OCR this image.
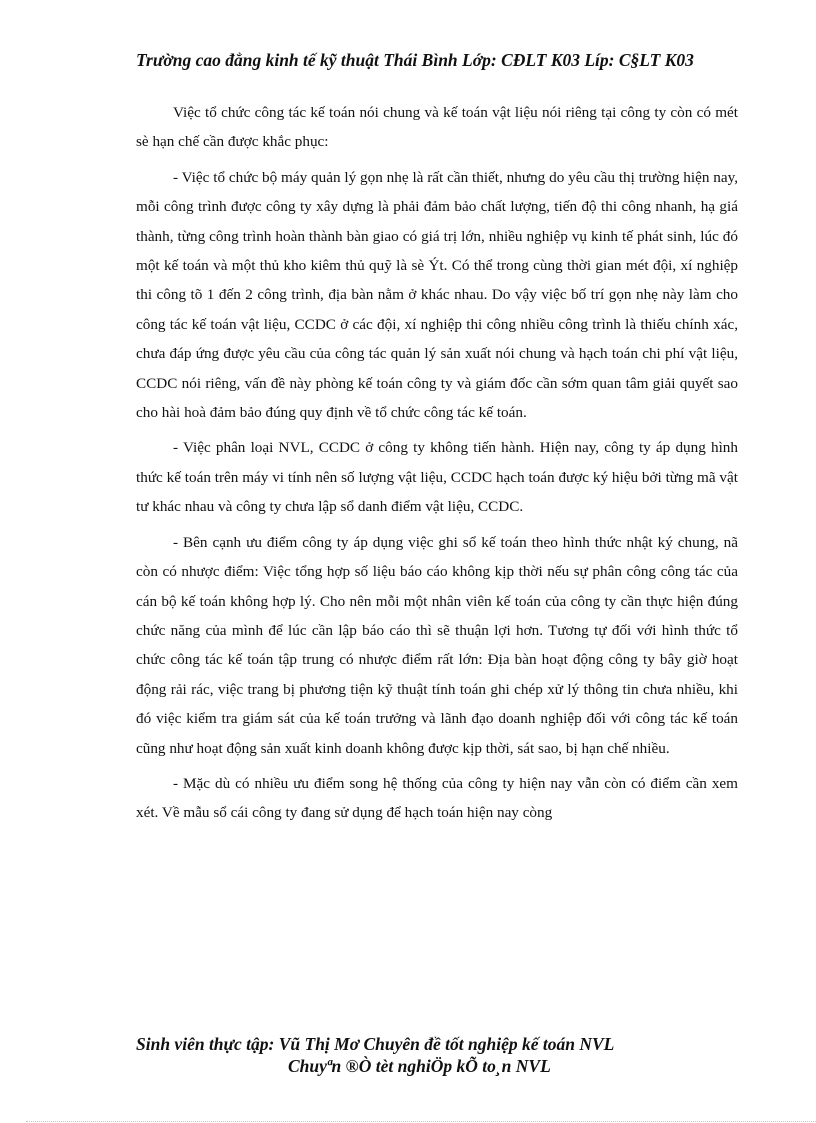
Trường cao đẳng kinh tế kỹ thuật Thái Bình Lớp: CĐLT K03 Líp: C§LT K03

Việc tổ chức công tác kế toán nói chung và kế toán vật liệu nói riêng tại công ty còn có mét sè hạn chế cần được khắc phục:

- Việc tổ chức bộ máy quản lý gọn nhẹ là rất cần thiết, nhưng do yêu cầu thị trường hiện nay, mỗi công trình được công ty xây dựng là phải đảm bảo chất lượng, tiến độ thi công nhanh, hạ giá thành, từng công trình hoàn thành bàn giao có giá trị lớn, nhiều nghiệp vụ kinh tế phát sinh, lúc đó một kế toán và một thủ kho kiêm thủ quỹ là sè Ýt. Có thể trong cùng thời gian mét đội, xí nghiệp thi công tõ 1 đến 2 công trình, địa bàn nằm ở khác nhau. Do vậy việc bố trí gọn nhẹ này làm cho công tác kế toán vật liệu, CCDC ở các đội, xí nghiệp thi công nhiều công trình là thiếu chính xác, chưa đáp ứng được yêu cầu của công tác quản lý sản xuất nói chung và hạch toán chi phí vật liệu, CCDC nói riêng, vấn đề này phòng kế toán công ty và giám đốc cần sớm quan tâm giải quyết sao cho hài hoà đảm bảo đúng quy định về tổ chức công tác kế toán.

- Việc phân loại NVL, CCDC ở công ty không tiến hành. Hiện nay, công ty áp dụng hình thức kế toán trên máy vi tính nên số lượng vật liệu, CCDC hạch toán được ký hiệu bởi từng mã vật tư khác nhau và công ty chưa lập sổ danh điểm vật liệu, CCDC.

- Bên cạnh ưu điểm công ty áp dụng việc ghi sổ kế toán theo hình thức nhật ký chung, nã còn có nhược điểm: Việc tổng hợp số liệu báo cáo không kịp thời nếu sự phân công công tác của cán bộ kế toán không hợp lý. Cho nên mỗi một nhân viên kế toán của công ty cần thực hiện đúng chức năng của mình để lúc cần lập báo cáo thì sẽ thuận lợi hơn. Tương tự đối với hình thức tổ chức công tác kế toán tập trung có nhược điểm rất lớn: Địa bàn hoạt động công ty bây giờ hoạt động rải rác, việc trang bị phương tiện kỹ thuật tính toán ghi chép xử lý thông tin chưa nhiều, khi đó việc kiểm tra giám sát của kế toán trưởng và lãnh đạo doanh nghiệp đối với công tác kế toán cũng như hoạt động sản xuất kinh doanh không được kịp thời, sát sao, bị hạn chế nhiều.

- Mặc dù có nhiều ưu điểm song hệ thống của công ty hiện nay vẫn còn có điểm cần xem xét. Về mẫu sổ cái công ty đang sử dụng để hạch toán hiện nay còng

Sinh viên thực tập: Vũ Thị Mơ Chuyên đề tốt nghiệp kế toán NVL
Chuyªn ®Ò tèt nghiÖp kÕ to¸n NVL
